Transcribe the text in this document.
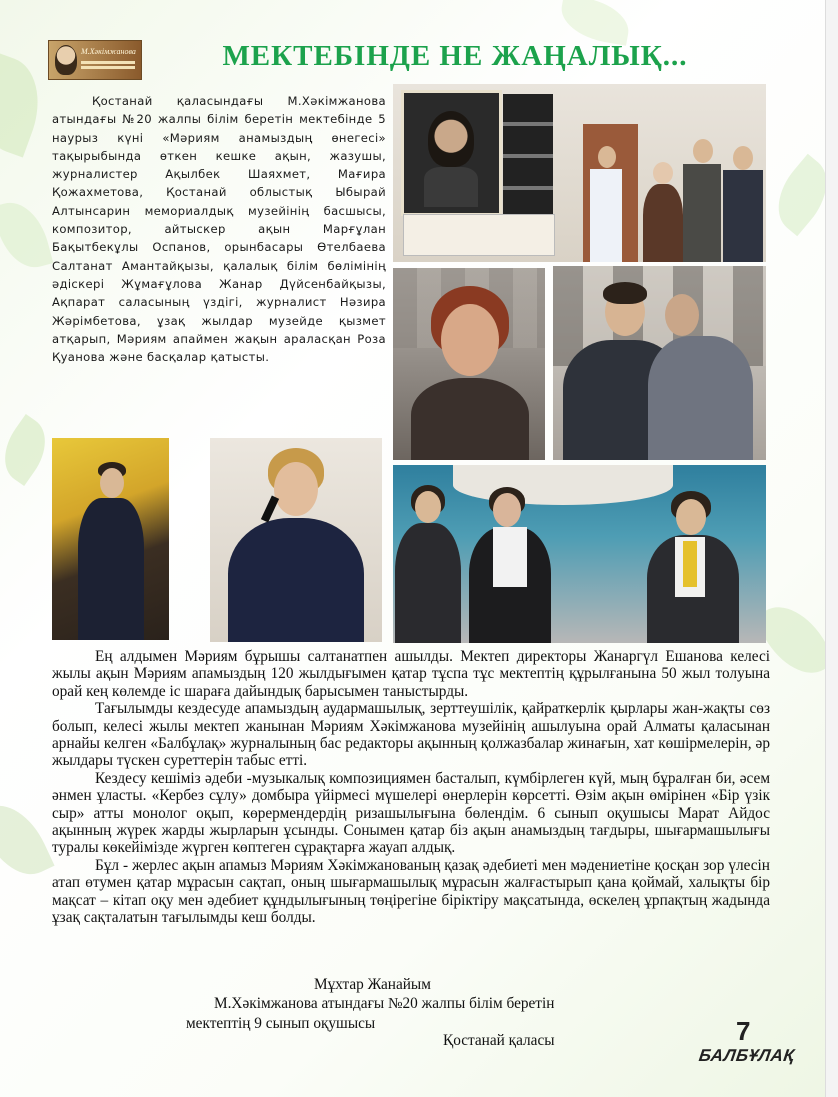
М.Хәкімжанова	МЕКТЕБІНДЕ НЕ ЖАҢАЛЫҚ...

Қостанай қаласындағы М.Хәкімжанова атындағы №20 жалпы білім беретін мектебінде 5 наурыз күні «Мәриям анамыздың өнегесі» тақырыбында өткен кешке ақын, жазушы, журналистер Ақылбек Шаяхмет, Мағира Қожахметова, Қостанай облыстық Ыбырай Алтынсарин мемориалдық музейінің басшысы, композитор, айтыскер ақын Марғұлан Бақытбекұлы Оспанов, орынбасары Өтелбаева Салтанат Амантайқызы, қалалық білім бөлімінің әдіскері Жұмағұлова Жанар Дүйсенбайқызы, Ақпарат саласының үздігі, журналист Нәзира Жәрімбетова, ұзақ жылдар музейде қызмет атқарып, Мәриям апаймен жақын араласқан Роза Қуанова және басқалар қатысты.

Ең алдымен Мәриям бұрышы салтанатпен ашылды. Мектеп директоры Жанаргүл Ешанова келесі жылы ақын Мәриям апамыздың 120 жылдығымен қатар тұспа тұс мектептің құрылғанына 50 жыл толуына орай кең көлемде іс шараға дайындық барысымен таныстырды.

Тағылымды кездесуде апамыздың аудармашылық, зерттеушілік, қайраткерлік қырлары жан-жақты сөз болып, келесі жылы мектеп жанынан Мәриям Хәкімжанова музейінің ашылуына орай Алматы қаласынан арнайы келген «Балбұлақ» журналының бас редакторы ақынның қолжазбалар жинағын, хат көшірмелерін, әр жылдары түскен суреттерін табыс етті.

Кездесу кешіміз әдеби -музыкалық композициямен басталып, күмбірлеген күй, мың бұралған би, әсем әнмен ұласты. «Кербез сұлу» домбыра үйірмесі мүшелері өнерлерін көрсетті. Өзім ақын өмірінен «Бір үзік сыр» атты монолог оқып, көрермендердің ризашылығына бөлендім. 6 сынып оқушысы Марат Айдос ақынның жүрек жарды жырларын ұсынды. Сонымен қатар біз ақын анамыздың тағдыры, шығармашылығы туралы көкейімізде жүрген көптеген сұрақтарға жауап алдық.

Бұл - жерлес ақын апамыз Мәриям Хәкімжанованың қазақ әдебиеті мен мәдениетіне қосқан зор үлесін атап өтумен қатар мұрасын сақтап, оның шығармашылық мұрасын жалғастырып қана қоймай, халықты бір мақсат – кітап оқу мен әдебиет құндылығының төңірегіне біріктіру мақсатында, өскелең ұрпақтың жадында ұзақ сақталатын тағылымды кеш болды.

Мұхтар Жанайым

М.Хәкімжанова атындағы №20 жалпы білім беретін

мектептің 9 сынып оқушысы

Қостанай қаласы	7
БАЛБҰЛАҚ
